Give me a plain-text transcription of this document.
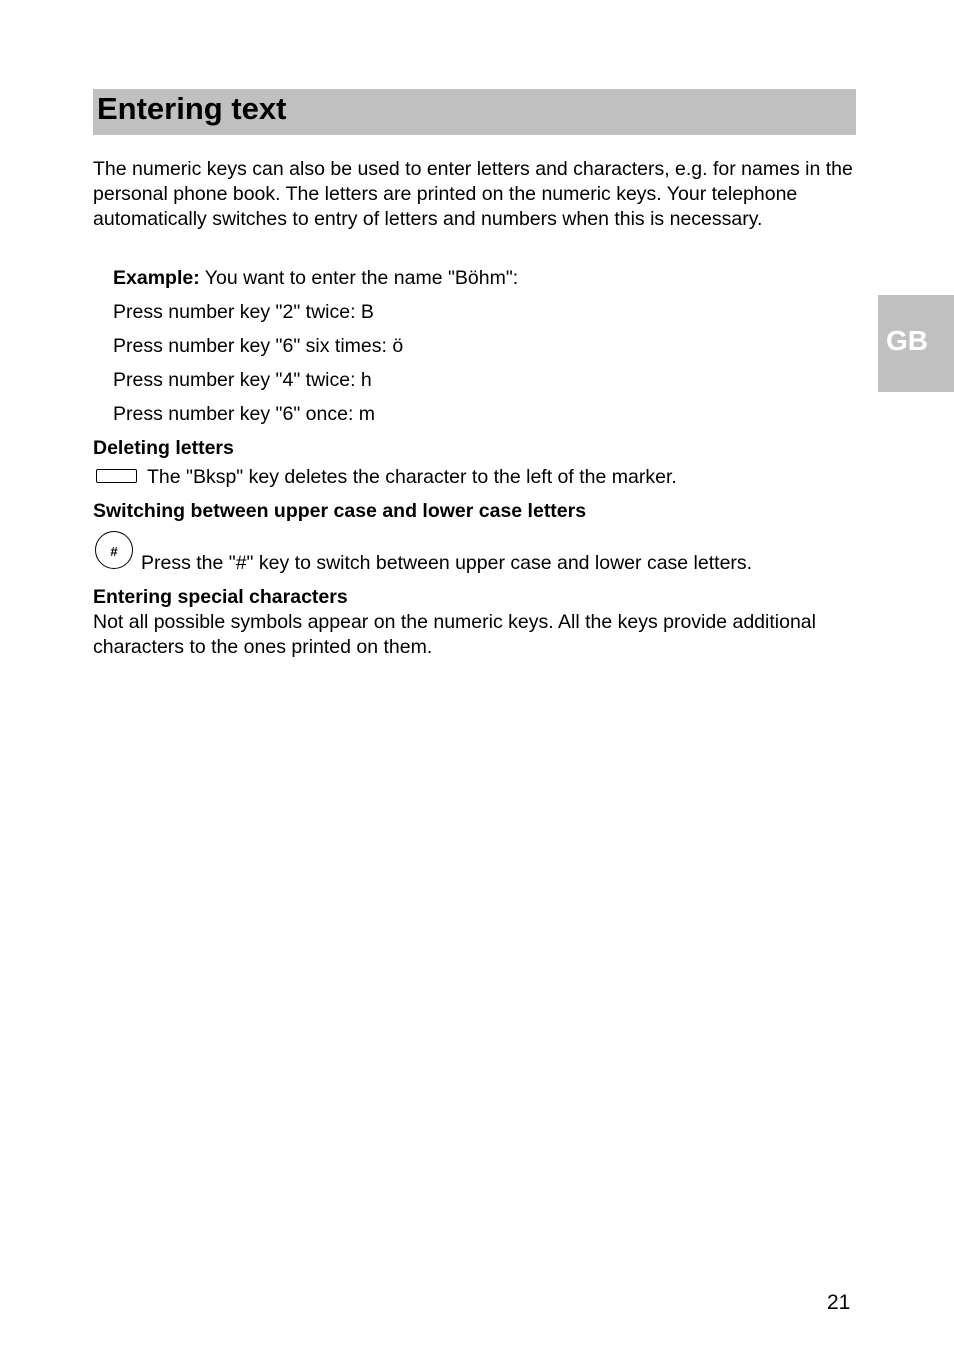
Entering text
GB
The numeric keys can also be used to enter letters and characters, e.g. for names in the personal phone book. The letters are printed on the numeric keys. Your telephone automatically switches to entry of letters and numbers when this is necessary.
Example: You want to enter the name "Böhm":
Press number key "2" twice: B
Press number key "6" six times: ö
Press number key "4" twice: h
Press number key "6" once: m
Deleting letters
The "Bksp" key deletes the character to the left of the marker.
Switching between upper case and lower case letters
#
Press the "#" key to switch between upper case and lower case letters.
Entering special characters
Not all possible symbols appear on the numeric keys. All the keys provide additional characters to the ones printed on them.
21
